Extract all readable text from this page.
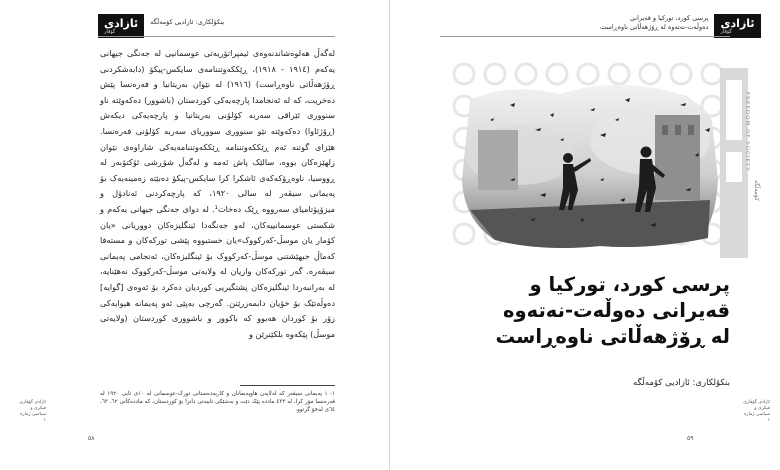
ئازادی
گۆڤار
بنکۆلکاری: ئازادیی کۆمەڵگە
لەگەڵ هەلوەشاندنەوەی ئیمپراتۆریەتی عوسمانیی لە جەنگی جیهانی یەکەم (١٩١٤ - ١٩١٨)، ڕێککەوتننامەی سایکس-پیکۆ (دابەشکردنی ڕۆژهەڵاتی ناوەڕاست) (١٩١٦) لە نێوان بەریتانیا و فەرەنسا پێش دەخریت، کە لە ئەنجامدا پارچەیەکی کوردستان (باشوور) دەکەوێتە ناو سنووری ئێراقی سەربە کۆلۆنی بەریتانیا و پارچەیەکی دیکەش (ڕۆژئاوا) دەکەوێتە نێو سنووری سووریای سەربە کۆلۆنی فەرەنسا. هێزای گوتنە ئەم ڕێککەوتننامە ڕێککەوتننامەیەکی شاراوەی نێوان زلهێزەکان بووە، سالێک پاش ئەمە و لەگەڵ شۆڕشی ئۆکتۆبەر لە ڕووسیا، ناوەڕۆکەکەی ئاشکرا کرا سایکس-پیکۆ دەبێتە زەمینەیەک بۆ پەیمانی سیڤەر لە سالی ١٩٢٠، کە پارچەکردنی ئەنادۆل و میزۆپۆتامیای سەرووە ڕێک دەخات¹. لە دوای جەنگی جیهانی یەکەم و شکستی عوسمانییەکان، لەو جەنگەدا ئینگلیزەکان دووریانی «یان کۆمار یان موسڵ-کەرکووک»یان خستبووە پێشی تورکەکان و مستەفا کەماڵ جیهێشتنی موسڵ-کەرکووک بۆ ئینگلیزەکان، ئەنجامی پەیمانی سیڤەرە. گەر تورکەکان وازیان لە ولایەتی موسڵ-کەرکووک نەهێنایە، لە بەرانبەردا ئینگلیزەکان پشتگیریی کوردیان دەکرد بۆ ئەوەی [گوایە] دەوڵەتێک بۆ خۆیان دابمەزرێنن. گەرچی بەپێی ئەو پەیمانە هیوایەکی زۆر بۆ کوردان هەبوو کە باکوور و باشووری کوردستان (ولایەتی موسڵ) پێکەوە بلکێنرێن و
١- ١ پەیمانی سیڤەر کە لەلایەن هاوپەیمانان و کاربەدەستانی تورک-عوسمانی لە ١٠ی ئابی ١٩٢٠ لە فەرەنسا مۆر کرا، لە ٤٣٣ ماددە پێک دێت و بەشێکی تایبەتی دانرا بۆ کوردستان، کە ماددەکانی ٦٢، ٦٣، ٦٤ی لەخۆ گرتوو.
ئازادی گۆڤاری فیکری و سیاسی ژمارە ١
٥٨
پرسی کورد، تورکیا و قەیرانی
دەوڵەت-نەتەوە لە ڕۆژهەڵاتی ناوەڕاست	ئازادی
گۆڤار
FREEDOM OF SOCIETY
کۆمەڵگە
پرسی کورد، تورکیا و
قەیرانی دەوڵەت-نەتەوە
لە ڕۆژهەڵاتی ناوەڕاست
بنکۆلکاری: ئازادیی کۆمەڵگە
ئازادی گۆڤاری فیکری و سیاسی ژمارە ١
٥٩
